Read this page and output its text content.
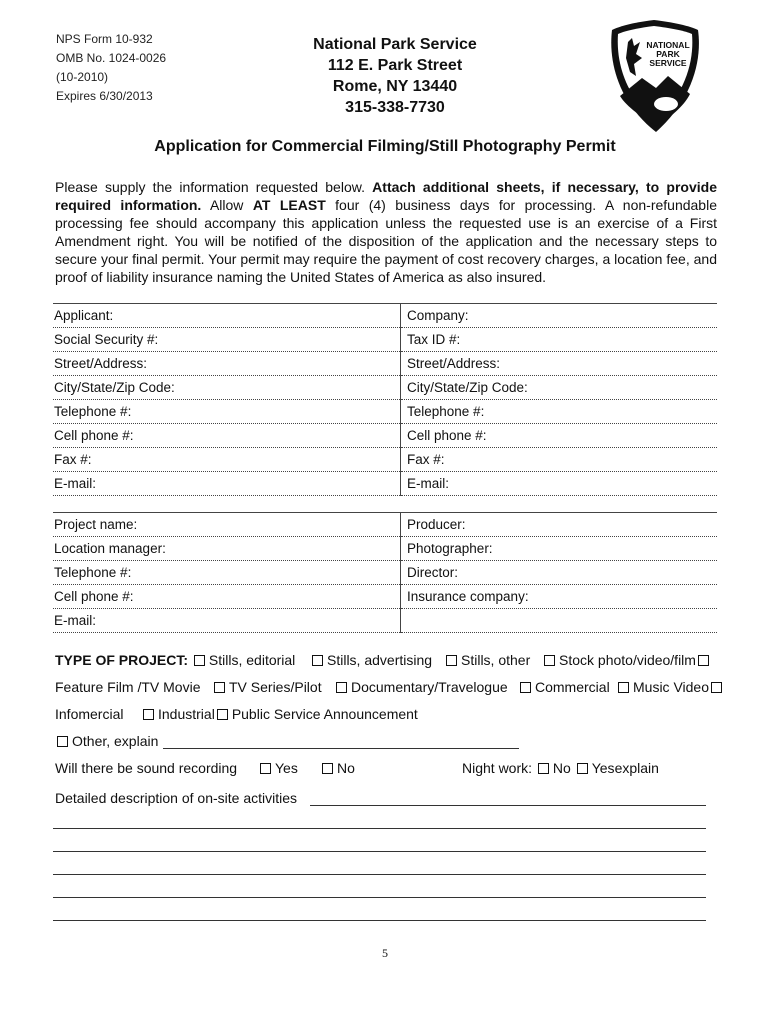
NPS Form 10-932
OMB No. 1024-0026
(10-2010)
Expires 6/30/2013
National Park Service
112 E. Park Street
Rome, NY 13440
315-338-7730
NATIONAL
PARK
SERVICE
Application for Commercial Filming/Still Photography Permit
Please supply the information requested below. Attach additional sheets, if necessary, to provide required information. Allow AT LEAST four (4) business days for processing. A non-refundable processing fee should accompany this application unless the requested use is an exercise of a First Amendment right. You will be notified of the disposition of the application and the necessary steps to secure your final permit. Your permit may require the payment of cost recovery charges, a location fee, and proof of liability insurance naming the United States of America as also insured.
Applicant:	Company:
Social Security #:	Tax ID #:
Street/Address:	Street/Address:
City/State/Zip Code:	City/State/Zip Code:
Telephone #:	Telephone #:
Cell phone #:	Cell phone #:
Fax #:	Fax #:
E-mail:	E-mail:
Project name:	Producer:
Location manager:	Photographer:
Telephone #:	Director:
Cell phone #:	Insurance company:
E-mail:	
TYPE OF PROJECT: Stills, editorial	Stills, advertising	Stills, other	Stock photo/video/film
Feature Film /TV Movie	TV Series/Pilot	Documentary/Travelogue	Commercial	Music Video
Infomercial	Industrial Public Service Announcement
Other, explain
Will there be sound recording	Yes	No	Night work: No Yesexplain
Detailed description of on-site activities
5
